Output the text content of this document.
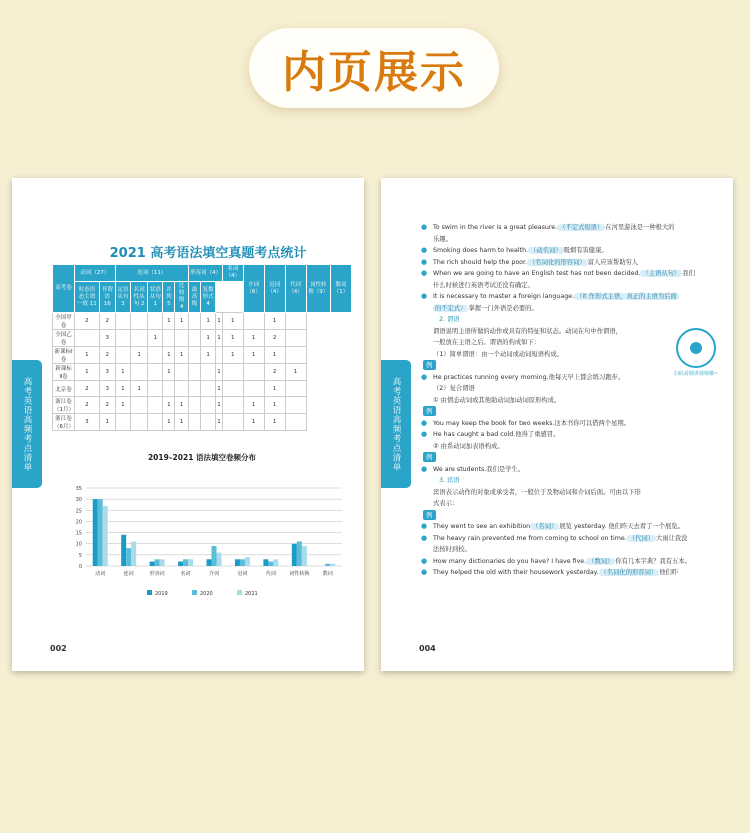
内页展示
高考英语高频考点清单
2021 高考语法填空真题考点统计
高考卷	动词（27）		连词（11）					形容词（4）			名词（4）	介词（6）	冠词（4）	代词（4）	词性转换（9）	数词（1）
	时态语态主谓一致 11	非谓语 16	定语从句 3	名词性从句 2	状语从句 1	并列 5	比较级 4	最高级	复数形式 4							
全国甲卷	2	2				1	1		1	1	1		1			
全国乙卷		3			1				1	1	1	1	2			
新课标Ⅰ卷	1	2		1		1	1		1		1	1	1			
新课标Ⅱ卷	1	3	1			1				1			2	1		
北京卷	2	3	1	1						1			1			
浙江卷（1月）	2	2	1			1	1			1		1	1			
浙江卷（6月）	3	1				1	1			1		1	1			
2019–2021 语法填空卷频分布
0
5
10
15
20
25
30
35
动词	连词	形容词	名词	介词	冠词	代词	词性转换	数词
2019	2020	2021
002
高考英语高频考点清单
● To swim in the river is a great pleasure. （不定式短语） 在河里游泳是一种极大的
乐趣。
● Smoking does harm to health. （动名词） 吸烟有害健康。
● The rich should help the poor. （名词化的形容词） 富人应该帮助穷人
● When we are going to have an English test has not been decided. （主语从句） 我们
什么时候进行英语考试还没有确定。
● It is necessary to master a foreign language. （it 作形式主语，真正的主语为后面
的不定式） 掌握一门外语是必要的。
2. 谓语
谓语说明主语所做的动作或具有的特征和状态。动词在句中作谓语，
一般放在主语之后。谓语的构成如下：
（1）简单谓语：由一个动词或动词短语构成。
例
● He practices running every morning.他每天早上都会练习跑步。
（2）复合谓语
① 由情态动词或其他助动词加动词原形构成。
例
● You may keep the book for two weeks.这本书你可以借两个星期。
● He has caught a bad cold.他得了重感冒。
② 由系动词加表语构成。
例
● We are students.我们是学生。
3. 宾语
宾语表示动作的对象或承受者，一般位于及物动词和介词后面。可由以下形
式表示：
例
● They went to see an exhibition （名词） 展览 yesterday. 他们昨天去看了一个展览。
● The heavy rain prevented me from coming to school on time. （代词） 大雨让我没
法按时到校。
● How many dictionaries do you have? I have five. （数词） 你有几本字典？我有五本。
● They helped the old with their housework yesterday. （名词化的形容词） 他们昨
扫码看精讲视频哦~
004
